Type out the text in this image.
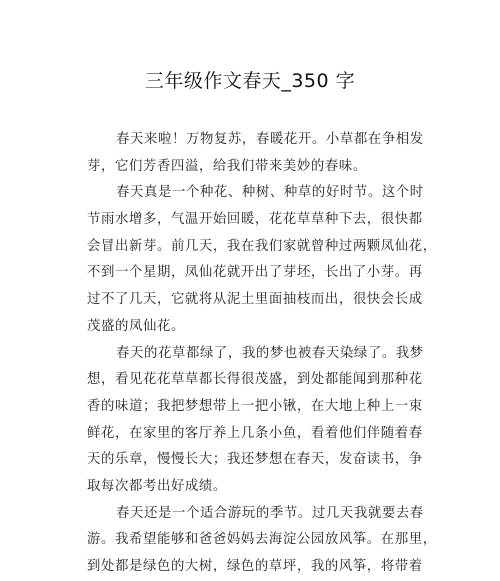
三年级作文春天_350 字
春天来啦！万物复苏，春暖花开。小草都在争相发
芽，它们芳香四溢，给我们带来美妙的春味。
春天真是一个种花、种树、种草的好时节。这个时
节雨水增多，气温开始回暖，花花草草种下去，很快都
会冒出新芽。前几天，我在我们家就曾种过两颗凤仙花，
不到一个星期，凤仙花就开出了芽坯，长出了小芽。再
过不了几天，它就将从泥土里面抽枝而出，很快会长成
茂盛的凤仙花。
春天的花草都绿了，我的梦也被春天染绿了。我梦
想，看见花花草草都长得很茂盛，到处都能闻到那种花
香的味道；我把梦想带上一把小锹，在大地上种上一束
鲜花，在家里的客厅养上几条小鱼，看着他们伴随着春
天的乐章，慢慢长大；我还梦想在春天，发奋读书，争
取每次都考出好成绩。
春天还是一个适合游玩的季节。过几天我就要去春
游。我希望能够和爸爸妈妈去海淀公园放风筝。在那里，
到处都是绿色的大树，绿色的草坪，我的风筝，将带着
